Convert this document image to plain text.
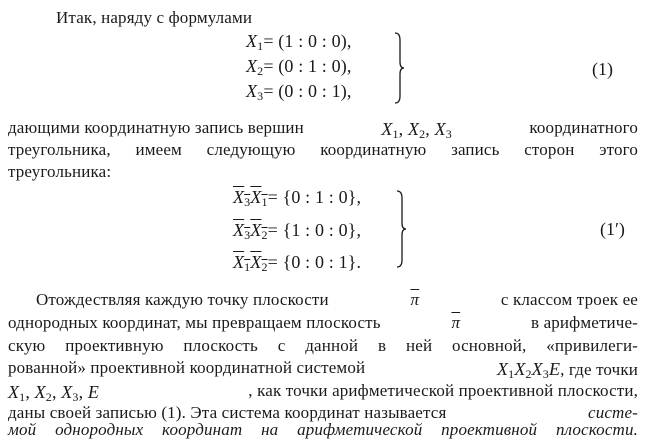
Итак, наряду с формулами
$X_1= (1$ : 0 : 0),
$X_2= (0$ : 1 : 0),
$X_3= (0$ : 0 : 1),
(1)
дающими координатную запись вершин	$X_1$, $X_2$, $X_3$	координатного
треугольника, имеем следующую координатную запись сторон этого
треугольника:
$X_3X_1= \{0$ : 1 : 0},
$X_3X_2= \{1$ : 0 : 0},
$X_1X_2= \{0$ : 0 : 1}.
(1′)
Отождествляя каждую точку плоскости	$\overline{\pi}$	с классом троек ее
однородных координат, мы превращаем плоскость	$\overline{\pi}$	в арифметиче-
скую проективную плоскость с данной в ней основной, «привилеги-
рованной» проективной координатной системой	$X_1X_2X_3E$, где точки
$X_1$, $X_2$, $X_3$, E	, как точки арифметической проективной плоскости,
даны своей записью (1). Эта система координат называется	систе-
мой однородных координат на арифметической проективной плоскости.
